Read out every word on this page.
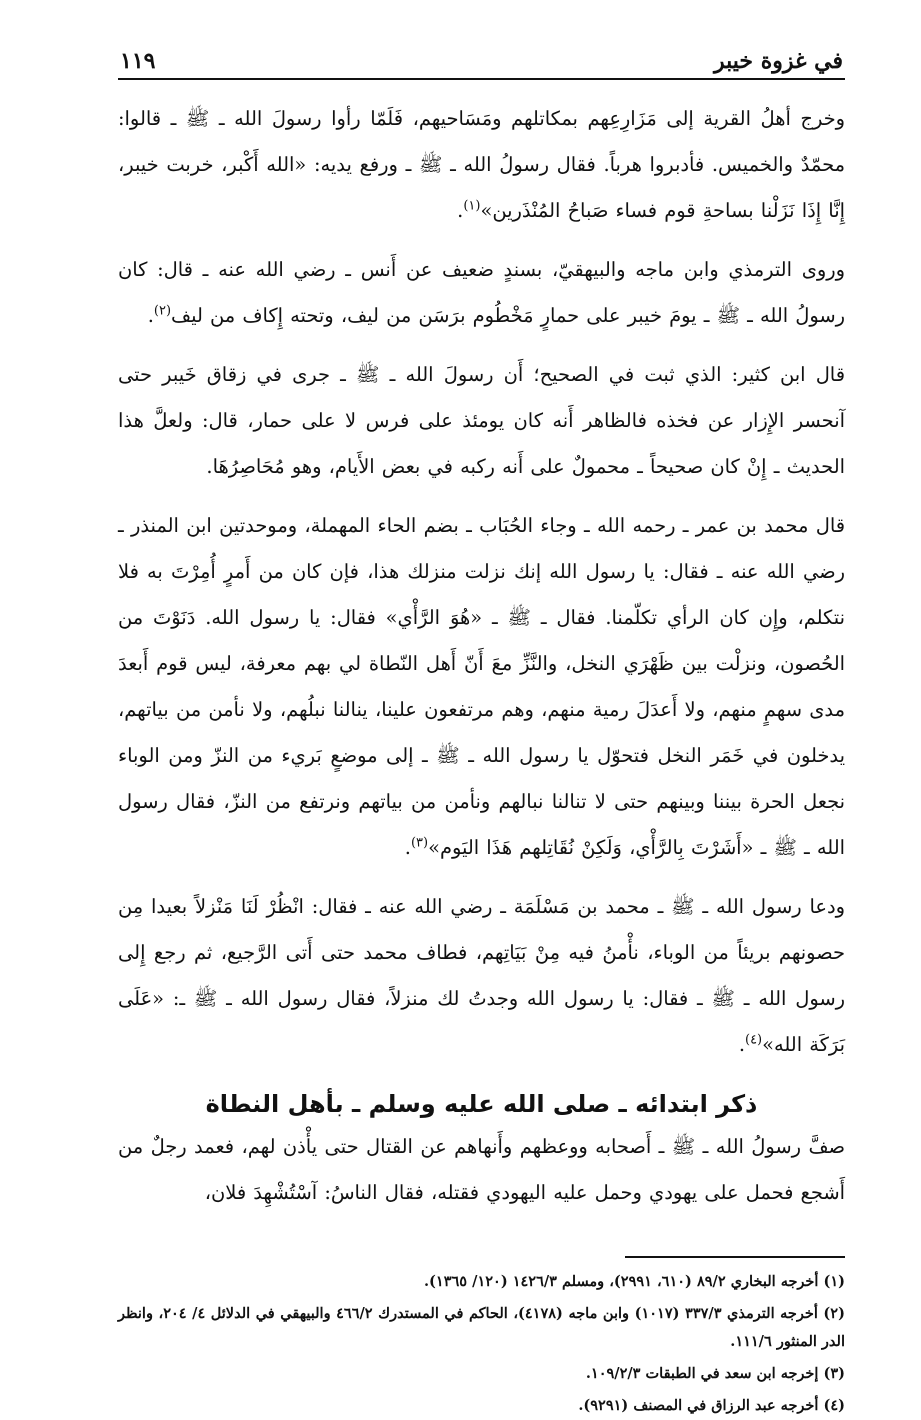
في غزوة خيبر
١١٩

وخرج أهلُ القرية إلى مَزَارِعِهم بمكاتلهم ومَسَاحيهم، فَلَمّا رأوا رسولَ الله ـ ﷺ ـ قالوا: محمّدٌ والخميس. فأدبروا هرباً. فقال رسولُ الله ـ ﷺ ـ ورفع يديه: «الله أَكْبر، خربت خيبر، إِنَّا إِذَا نَزَلْنا بساحةِ قوم فساء صَباحُ المُنْذَرين»$^{(١)}$.

وروى الترمذي وابن ماجه والبيهقيّ، بسندٍ ضعيف عن أَنس ـ رضي الله عنه ـ قال: كان رسولُ الله ـ ﷺ ـ يومَ خيبر على حمارٍ مَخْطُوم برَسَن من ليف، وتحته إِكاف من ليف$^{(٢)}$.

قال ابن كثير: الذي ثبت في الصحيح؛ أَن رسولَ الله ـ ﷺ ـ جرى في زقاق خَيبر حتى آنحسر الإِزار عن فخذه فالظاهر أَنه كان يومئذ على فرس لا على حمار، قال: ولعلَّ هذا الحديث ـ إِنْ كان صحيحاً ـ محمولٌ على أَنه ركبه في بعض الأَيام، وهو مُحَاصِرُهَا.

قال محمد بن عمر ـ رحمه الله ـ وجاء الحُبَاب ـ بضم الحاء المهملة، وموحدتين ابن المنذر ـ رضي الله عنه ـ فقال: يا رسول الله إنك نزلت منزلك هذا، فإن كان من أَمرٍ أُمِرْتَ به فلا نتكلم، وإِن كان الرأي تكلّمنا. فقال ـ ﷺ ـ «هُوَ الرَّأْي» فقال: يا رسول الله. دَنَوْتَ من الحُصون، ونزلْت بين ظَهْرَي النخل، والنَّزِّ معَ أَنّ أَهل النّطاة لي بهم معرفة، ليس قوم أَبعدَ مدى سهمٍ منهم، ولا أَعدَلَ رمية منهم، وهم مرتفعون علينا، ينالنا نبلُهم، ولا نأمن من بياتهم، يدخلون في خَمَر النخل فتحوّل يا رسول الله ـ ﷺ ـ إلى موضعٍ بَريء من النزّ ومن الوباء نجعل الحرة بيننا وبينهم حتى لا تنالنا نبالهم ونأمن من بياتهم ونرتفع من النزّ، فقال رسول الله ـ ﷺ ـ «أَشَرْتَ بِالرَّأْي، وَلَكِنْ نُقَاتِلهم هَذَا اليَوم»$^{(٣)}$.

ودعا رسول الله ـ ﷺ ـ محمد بن مَسْلَمَة ـ رضي الله عنه ـ فقال: انْظُرْ لَنَا مَنْزلاً بعيدا مِن حصونهم بريئاً من الوباء، نأْمنُ فيه مِنْ بَيَاتِهم، فطاف محمد حتى أَتى الرَّجيع، ثم رجع إِلى رسول الله ـ ﷺ ـ فقال: يا رسول الله وجدتُ لك منزلاً، فقال رسول الله ـ ﷺ ـ: «عَلَى بَرَكَة الله»$^{(٤)}$.

ذكر ابتدائه ـ صلى الله عليه وسلم ـ بأهل النطاة

صفَّ رسولُ الله ـ ﷺ ـ أَصحابه ووعظهم وأَنهاهم عن القتال حتى يأْذن لهم، فعمد رجلٌ من أَشجع فحمل على يهودي وحمل عليه اليهودي فقتله، فقال الناسُ: آسْتُشْهِدَ فلان،

(١) أخرجه البخاري ٨٩/٢ (٦١٠، ٢٩٩١)، ومسلم ١٤٢٦/٣ (١٢٠/ ١٣٦٥).

(٢) أخرجه الترمذي ٣٣٧/٣ (١٠١٧) وابن ماجه (٤١٧٨)، الحاكم في المستدرك ٤٦٦/٢ والبيهقي في الدلائل ٤/ ٢٠٤، وانظر الدر المنثور ١١١/٦.

(٣) إخرجه ابن سعد في الطبقات ١٠٩/٢/٣.

(٤) أخرجه عبد الرزاق في المصنف (٩٢٩١).
